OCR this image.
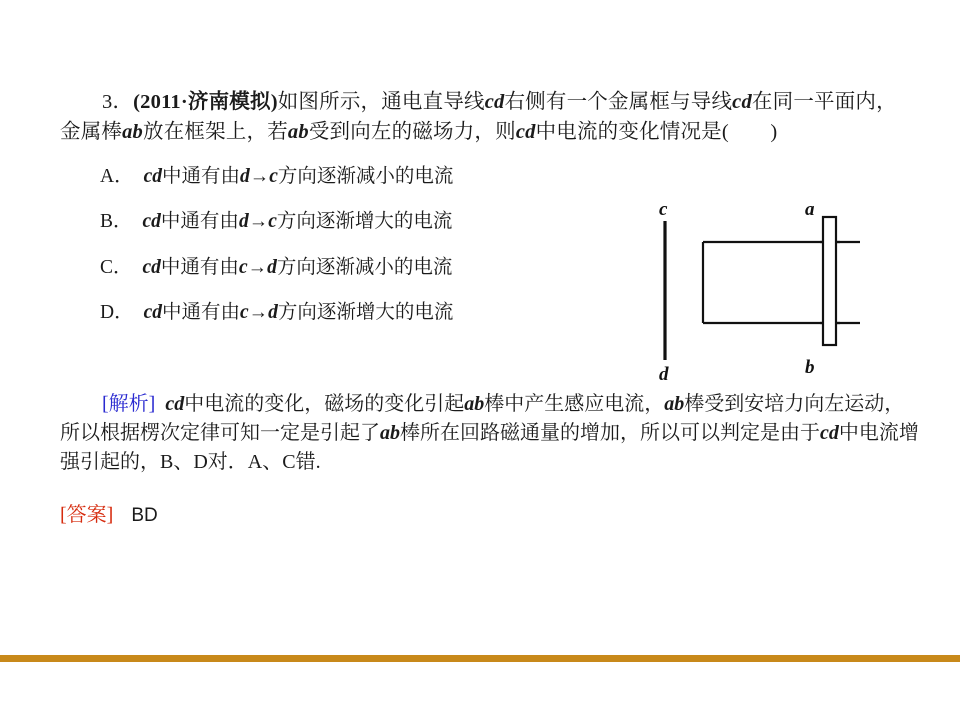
3．(2011·济南模拟)如图所示，通电直导线cd右侧有一个金属框与导线cd在同一平面内，金属棒ab放在框架上，若ab受到向左的磁场力，则cd中电流的变化情况是(　　 )
A． cd中通有由d→c方向逐渐减小的电流
B． cd中通有由d→c方向逐渐增大的电流
C． cd中通有由c→d方向逐渐减小的电流
D． cd中通有由c→d方向逐渐增大的电流
c
d
a
b
[解析] cd中电流的变化，磁场的变化引起ab棒中产生感应电流，ab棒受到安培力向左运动，所以根据楞次定律可知一定是引起了ab棒所在回路磁通量的增加，所以可以判定是由于cd中电流增强引起的，B、D对．A、C错.
[答案] BD
